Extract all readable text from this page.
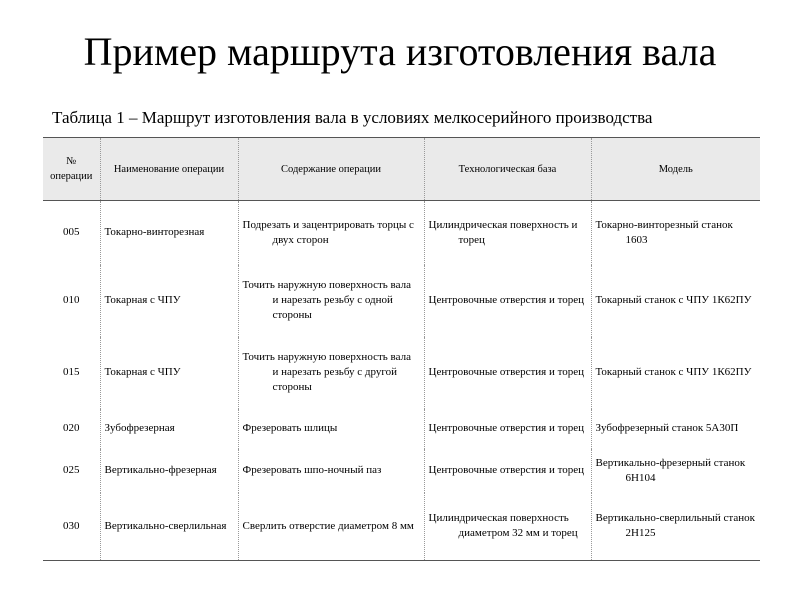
Пример маршрута изготовления вала
Таблица 1 – Маршрут изготовления вала в условиях мелкосерийного производства
№ операции	Наименование операции	Содержание операции	Технологическая база	Модель
005	Токарно-винторезная	Подрезать и зацентрировать торцы с двух сторон	Цилиндрическая поверхность и торец	Токарно-винторезный станок 1603

010	Токарная с ЧПУ	Точить наружную поверхность вала и нарезать резьбу с одной стороны	Центровочные отверстия и торец	Токарный станок с ЧПУ 1К62ПУ

015	Токарная с ЧПУ	Точить наружную поверхность вала и нарезать резьбу с другой стороны	Центровочные отверстия и торец	Токарный станок с ЧПУ 1К62ПУ

020	Зубофрезерная	Фрезеровать шлицы	Центровочные отверстия и торец	Зубофрезерный станок 5А30П

025	Вертикально-фрезерная	Фрезеровать шпо-ночный паз	Центровочные отверстия и торец	Вертикально-фрезерный станок 6Н104

030	Вертикально-сверлильная	Сверлить отверстие диаметром 8 мм	Цилиндрическая поверхность диаметром 32 мм и торец	Вертикально-сверлильный станок 2Н125
